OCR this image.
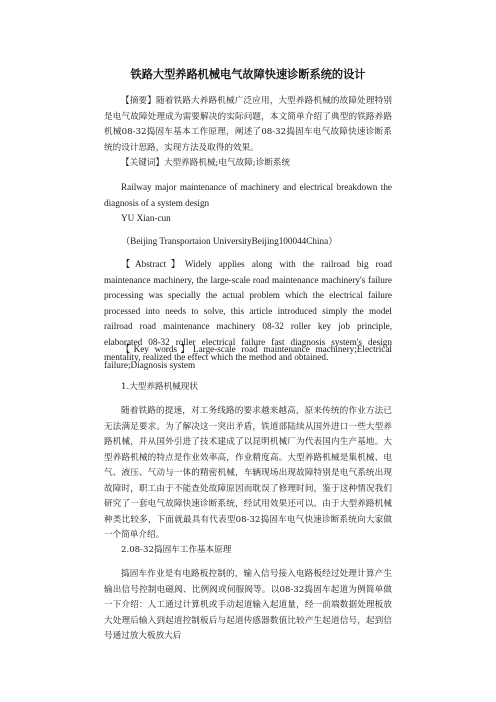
铁路大型养路机械电气故障快速诊断系统的设计

【摘要】随着铁路大养路机械广泛应用，大型养路机械的故障处理特别是电气故障处理成为需要解决的实际问题，本文简单介绍了典型的铁路养路机械08-32捣固车基本工作原理，阐述了08-32捣固车电气故障快速诊断系统的设计思路，实现方法及取得的效果。

【关键词】大型养路机械;电气故障;诊断系统

Railway major maintenance of machinery and electrical breakdown the diagnosis of a system design

YU Xian-cun

（Beijing Transportaion UniversityBeijing100044China）

【Abstract】Widely applies along with the railroad big road maintenance machinery, the large-scale road maintenance machinery's failure processing was specially the actual problem which the electrical failure processed into needs to solve, this article introduced simply the model railroad road maintenance machinery 08-32 roller key job principle, elaborated 08-32 roller electrical failure fast diagnosis system's design mentality, realized the effect which the method and obtained.

【Key words】Large-scale road maintenance machinery;Electrical failure;Diagnosis system

1.大型养路机械现状

随着铁路的提速，对工务线路的要求越来越高，原来传统的作业方法已无法满足要求。为了解决这一突出矛盾，铁道部陆续从国外进口一些大型养路机械，并从国外引进了技术建成了以昆明机械厂为代表国内生产基地。大型养路机械的特点是作业效率高，作业精度高。大型养路机械是集机械、电气、液压、气动与一体的精密机械，车辆现场出现故障特别是电气系统出现故障时，职工由于不能查处故障原因而耽误了修理时间，鉴于这种情况我们研究了一套电气故障快速诊断系统，经试用效果还可以。由于大型养路机械种类比较多，下面就最具有代表型08-32捣固车电气快速诊断系统向大家做一个简单介绍。

2.08-32捣固车工作基本原理

捣固车作业是有电路板控制的，输入信号接入电路板经过处理计算产生输出信号控制电磁阀、比例阀或伺服阀等。以08-32捣固车起道为例简单做一下介绍：人工通过计算机或手动起道输入起道量，经一前端数据处理板放大处理后输入到起道控制板后与起道传感器数值比较产生起道信号，起到信号通过放大板放大后
